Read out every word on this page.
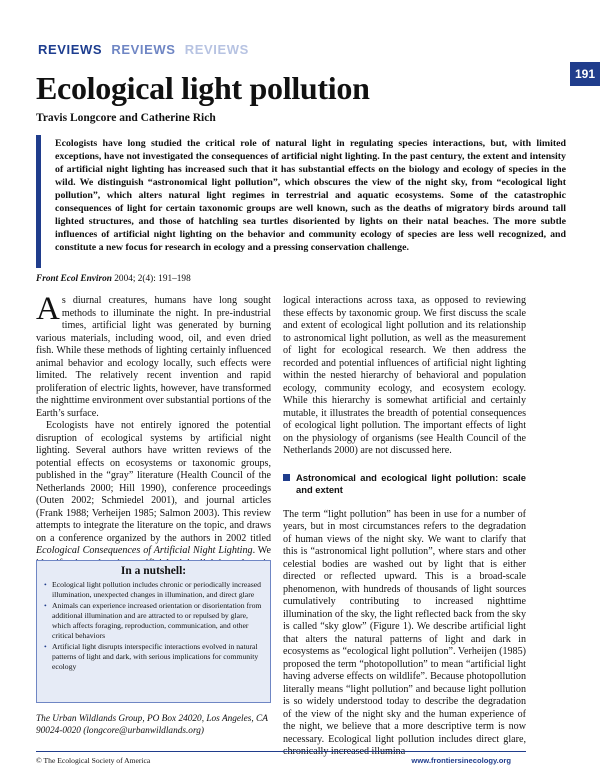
REVIEWS REVIEWS REVIEWS
191
Ecological light pollution
Travis Longcore and Catherine Rich
Ecologists have long studied the critical role of natural light in regulating species interactions, but, with limited exceptions, have not investigated the consequences of artificial night lighting. In the past century, the extent and intensity of artificial night lighting has increased such that it has substantial effects on the biology and ecology of species in the wild. We distinguish “astronomical light pollution”, which obscures the view of the night sky, from “ecological light pollution”, which alters natural light regimes in terrestrial and aquatic ecosystems. Some of the catastrophic consequences of light for certain taxonomic groups are well known, such as the deaths of migratory birds around tall lighted structures, and those of hatchling sea turtles disoriented by lights on their natal beaches. The more subtle influences of artificial night lighting on the behavior and community ecology of species are less well recognized, and constitute a new focus for research in ecology and a pressing conservation challenge.
Front Ecol Environ 2004; 2(4): 191–198

As diurnal creatures, humans have long sought methods to illuminate the night. In pre-industrial times, artificial light was generated by burning various materials, including wood, oil, and even dried fish. While these methods of lighting certainly influenced animal behavior and ecology locally, such effects were limited. The relatively recent invention and rapid proliferation of electric lights, however, have transformed the nighttime environment over substantial portions of the Earth’s surface.

Ecologists have not entirely ignored the potential disruption of ecological systems by artificial night lighting. Several authors have written reviews of the potential effects on ecosystems or taxonomic groups, published in the “gray” literature (Health Council of the Netherlands 2000; Hill 1990), conference proceedings (Outen 2002; Schmiedel 2001), and journal articles (Frank 1988; Verheijen 1985; Salmon 2003). This review attempts to integrate the literature on the topic, and draws on a conference organized by the authors in 2002 titled Ecological Consequences of Artificial Night Lighting. We

In a nutshell:
• Ecological light pollution includes chronic or periodically increased illumination, unexpected changes in illumination, and direct glare
• Animals can experience increased orientation or disorientation from additional illumination and are attracted to or repulsed by glare, which affects foraging, reproduction, communication, and other critical behaviors
• Artificial light disrupts interspecific interactions evolved in natural patterns of light and dark, with serious implications for community ecology
The Urban Wildlands Group, PO Box 24020, Los Angeles, CA 90024-0020 (longcore@urbanwildlands.org)

logical interactions across taxa, as opposed to reviewing these effects by taxonomic group. We first discuss the scale and extent of ecological light pollution and its relationship to astronomical light pollution, as well as the measurement of light for ecological research. We then address the recorded and potential influences of artificial night lighting within the nested hierarchy of behavioral and population ecology, community ecology, and ecosystem ecology. While this hierarchy is somewhat artificial and certainly mutable, it illustrates the breadth of potential consequences of ecological light pollution. The important effects of light on the physiology of organisms (see Health Council of the Netherlands 2000) are not discussed here.

Astronomical and ecological light pollution: scale and extent

The term “light pollution” has been in use for a number of years, but in most circumstances refers to the degradation of human views of the night sky. We want to clarify that this is “astronomical light pollution”, where stars and other celestial bodies are washed out by light that is either directed or reflected upward. This is a broad-scale phenomenon, with hundreds of thousands of light sources cumulatively contributing to increased nighttime illumination of the sky, the light reflected back from the sky is called “sky glow” (Figure 1). We describe artificial light that alters the natural patterns of light and dark in ecosystems as “ecological light pollution”. Verheijen (1985) proposed the term “photopollution” to mean “artificial light having adverse effects on wildlife”. Because photopollution literally means “light pollution” and because light pollution is so widely understood today to describe the degradation of the view of the night sky and the human experience of the night, we believe that a more descriptive term is now necessary. Ecological light pollution includes direct glare,

© The Ecological Society of America	www.frontiersinecology.org
